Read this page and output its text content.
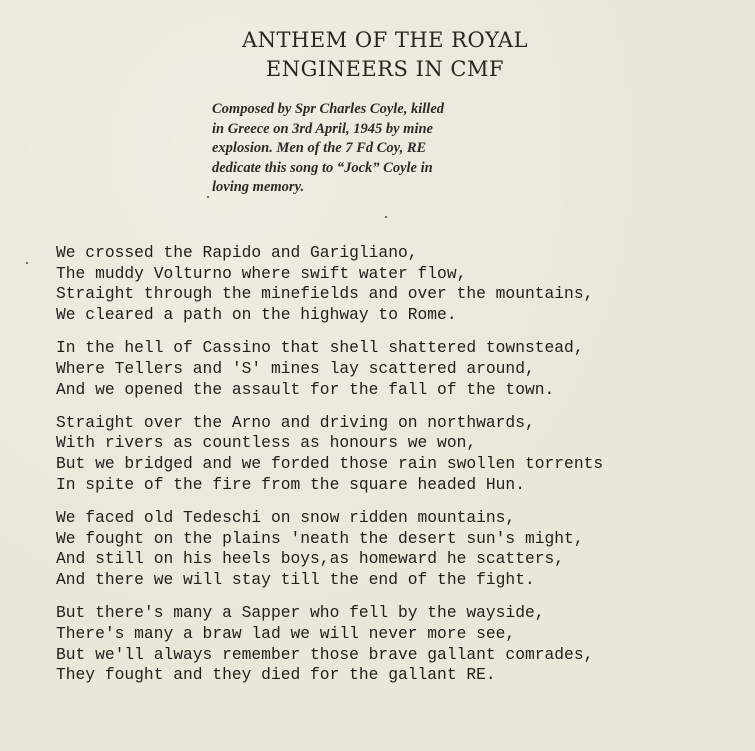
ANTHEM OF THE ROYAL
ENGINEERS IN CMF
Composed by Spr Charles Coyle, killed
in Greece on 3rd April, 1945 by mine
explosion. Men of the 7 Fd Coy, RE
dedicate this song to “Jock” Coyle in
loving memory.
We crossed the Rapido and Garigliano,
The muddy Volturno where swift water flow,
Straight through the minefields and over the mountains,
We cleared a path on the highway to Rome.
In the hell of Cassino that shell shattered townstead,
Where Tellers and 'S' mines lay scattered around,
And we opened the assault for the fall of the town.
Straight over the Arno and driving on northwards,
With rivers as countless as honours we won,
But we bridged and we forded those rain swollen torrents
In spite of the fire from the square headed Hun.
We faced old Tedeschi on snow ridden mountains,
We fought on the plains 'neath the desert sun's might,
And still on his heels boys,as homeward he scatters,
And there we will stay till the end of the fight.
But there's many a Sapper who fell by the wayside,
There's many a braw lad we will never more see,
But we'll always remember those brave gallant comrades,
They fought and they died for the gallant RE.
